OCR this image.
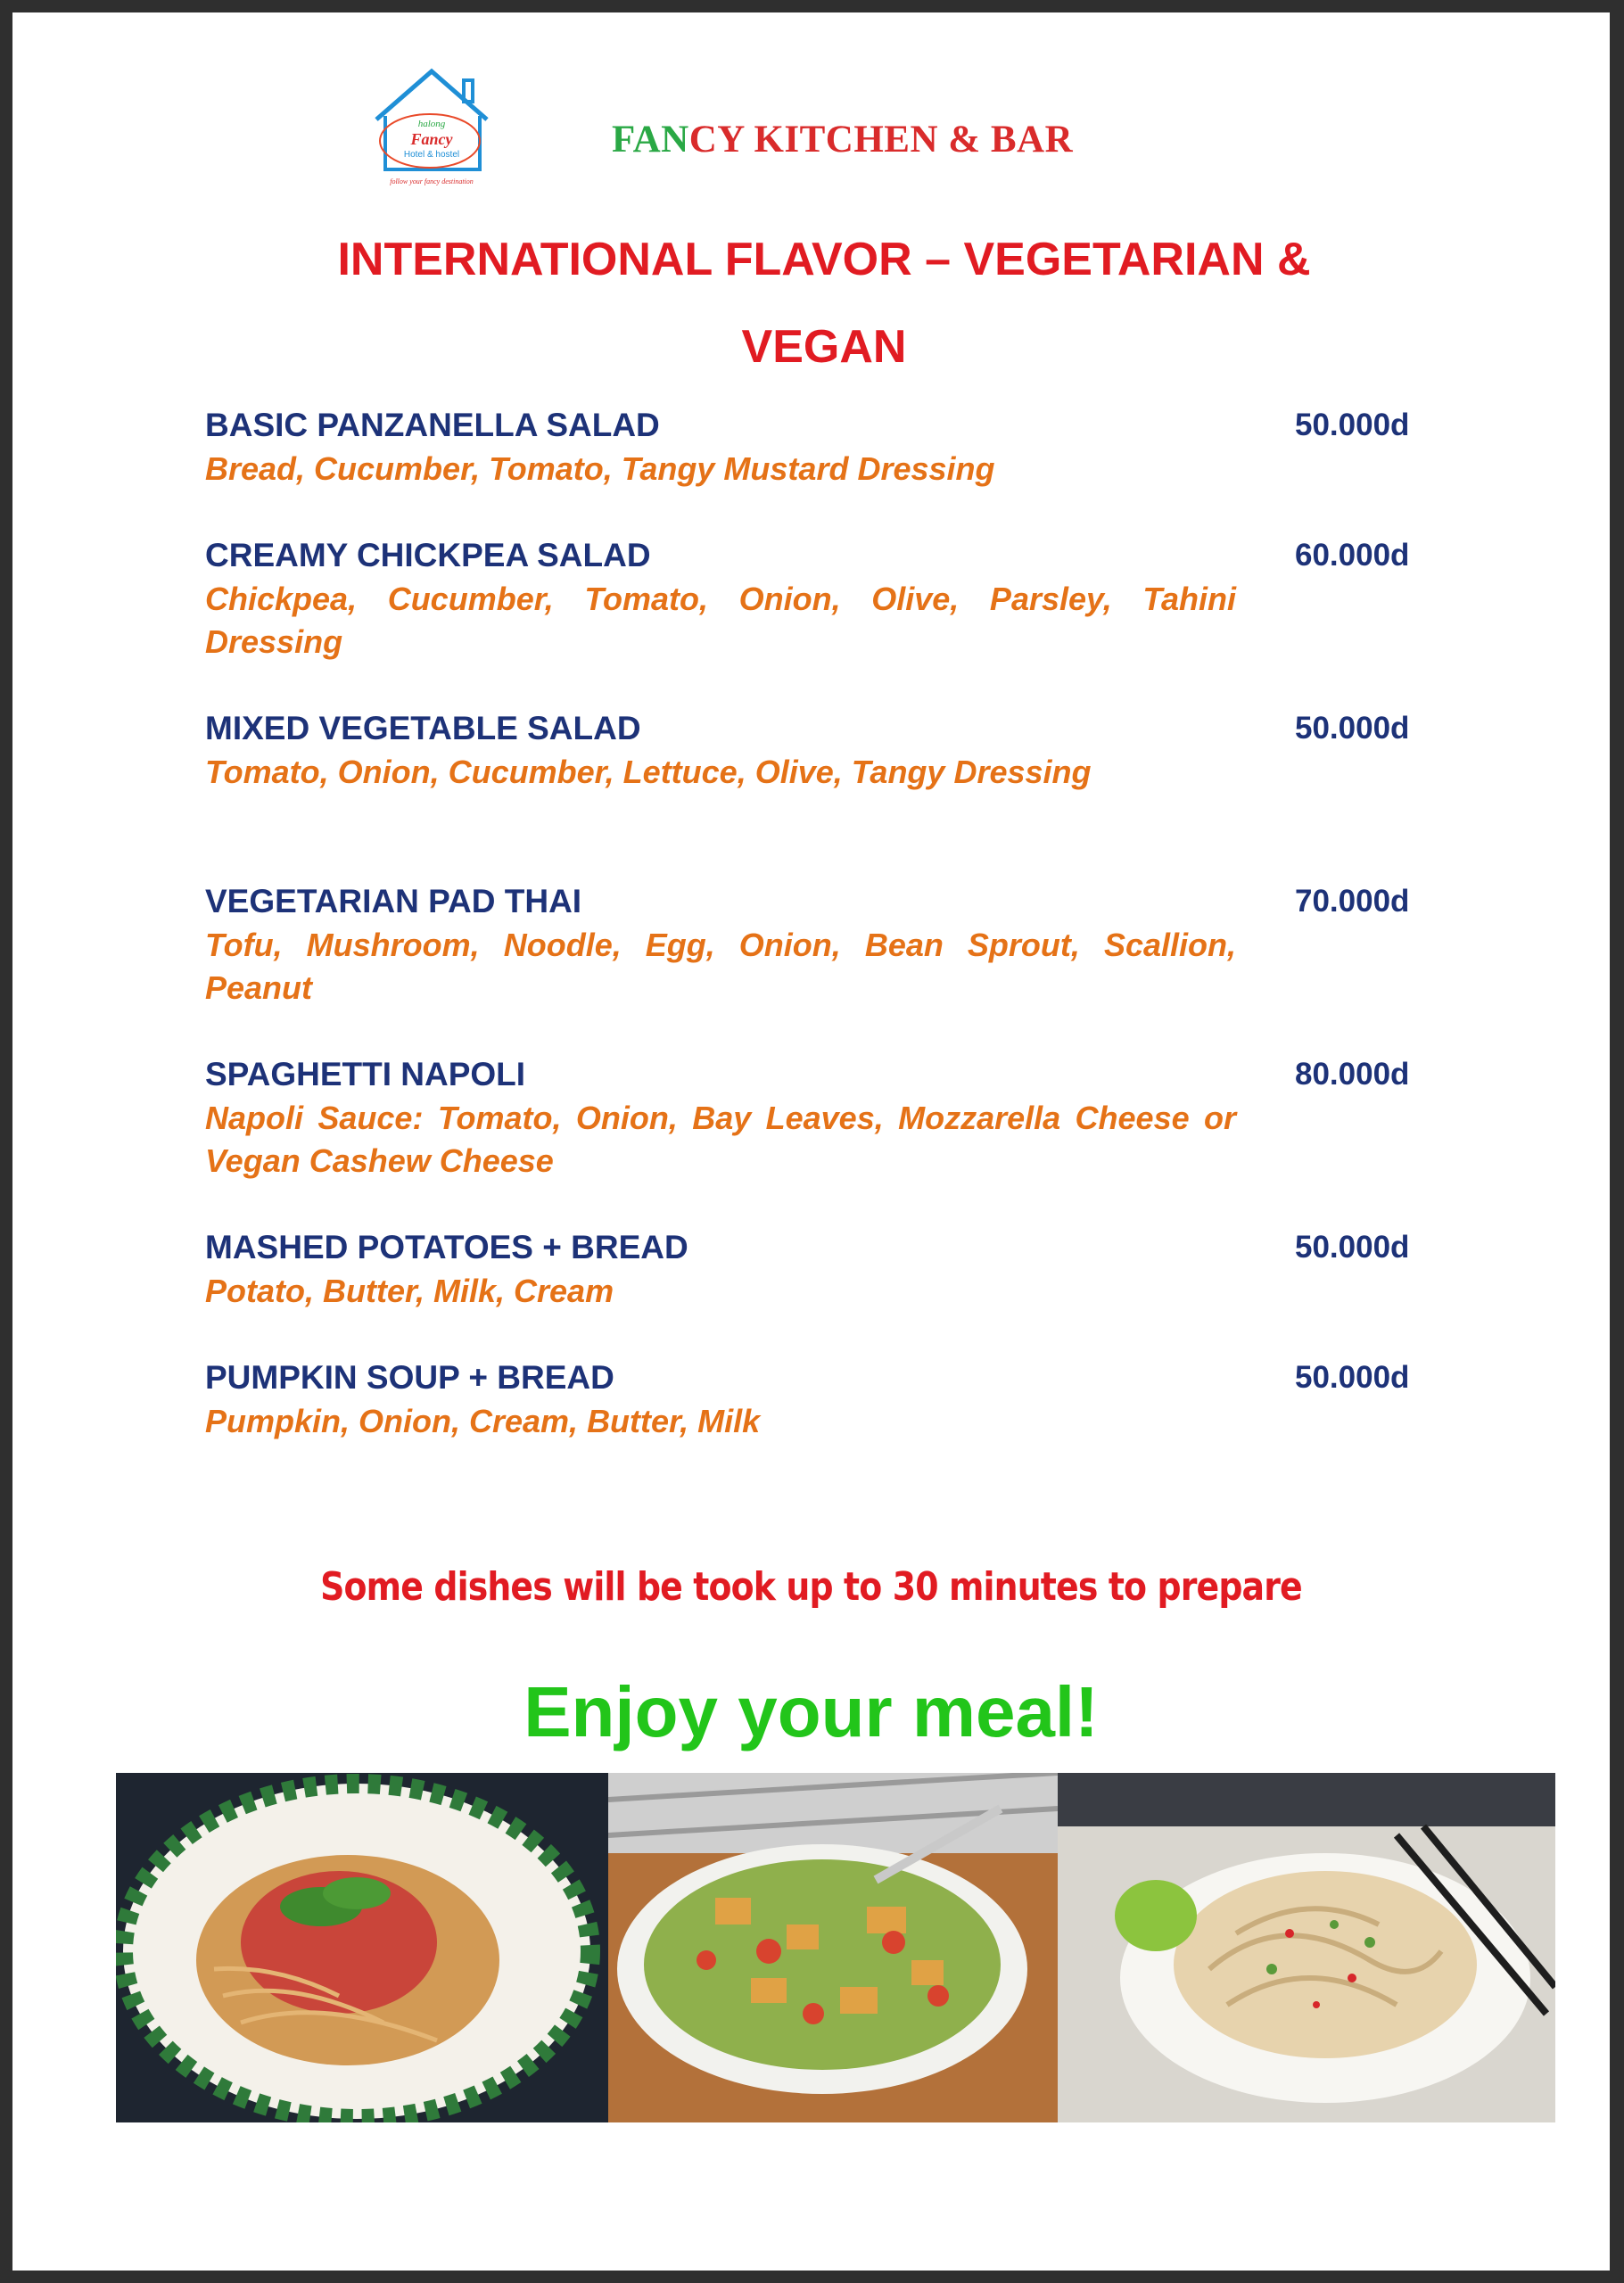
halong
Fancy
Hotel & hostel
follow your fancy destination
FANCY KITCHEN & BAR
INTERNATIONAL FLAVOR – VEGETARIAN &
VEGAN
BASIC PANZANELLA SALAD
Bread, Cucumber, Tomato, Tangy Mustard Dressing
50.000d
CREAMY CHICKPEA SALAD
Chickpea, Cucumber, Tomato, Onion, Olive, Parsley, Tahini Dressing
60.000d
MIXED VEGETABLE SALAD
Tomato, Onion, Cucumber, Lettuce, Olive, Tangy Dressing
50.000d
VEGETARIAN PAD THAI
Tofu, Mushroom, Noodle, Egg, Onion, Bean Sprout, Scallion, Peanut
70.000d
SPAGHETTI NAPOLI
Napoli Sauce: Tomato, Onion, Bay Leaves, Mozzarella Cheese or Vegan Cashew Cheese
80.000d
MASHED POTATOES + BREAD
Potato, Butter, Milk, Cream
50.000d
PUMPKIN SOUP + BREAD
Pumpkin, Onion, Cream, Butter, Milk
50.000d
Some dishes will be took up to 30 minutes to prepare
Enjoy your meal!
